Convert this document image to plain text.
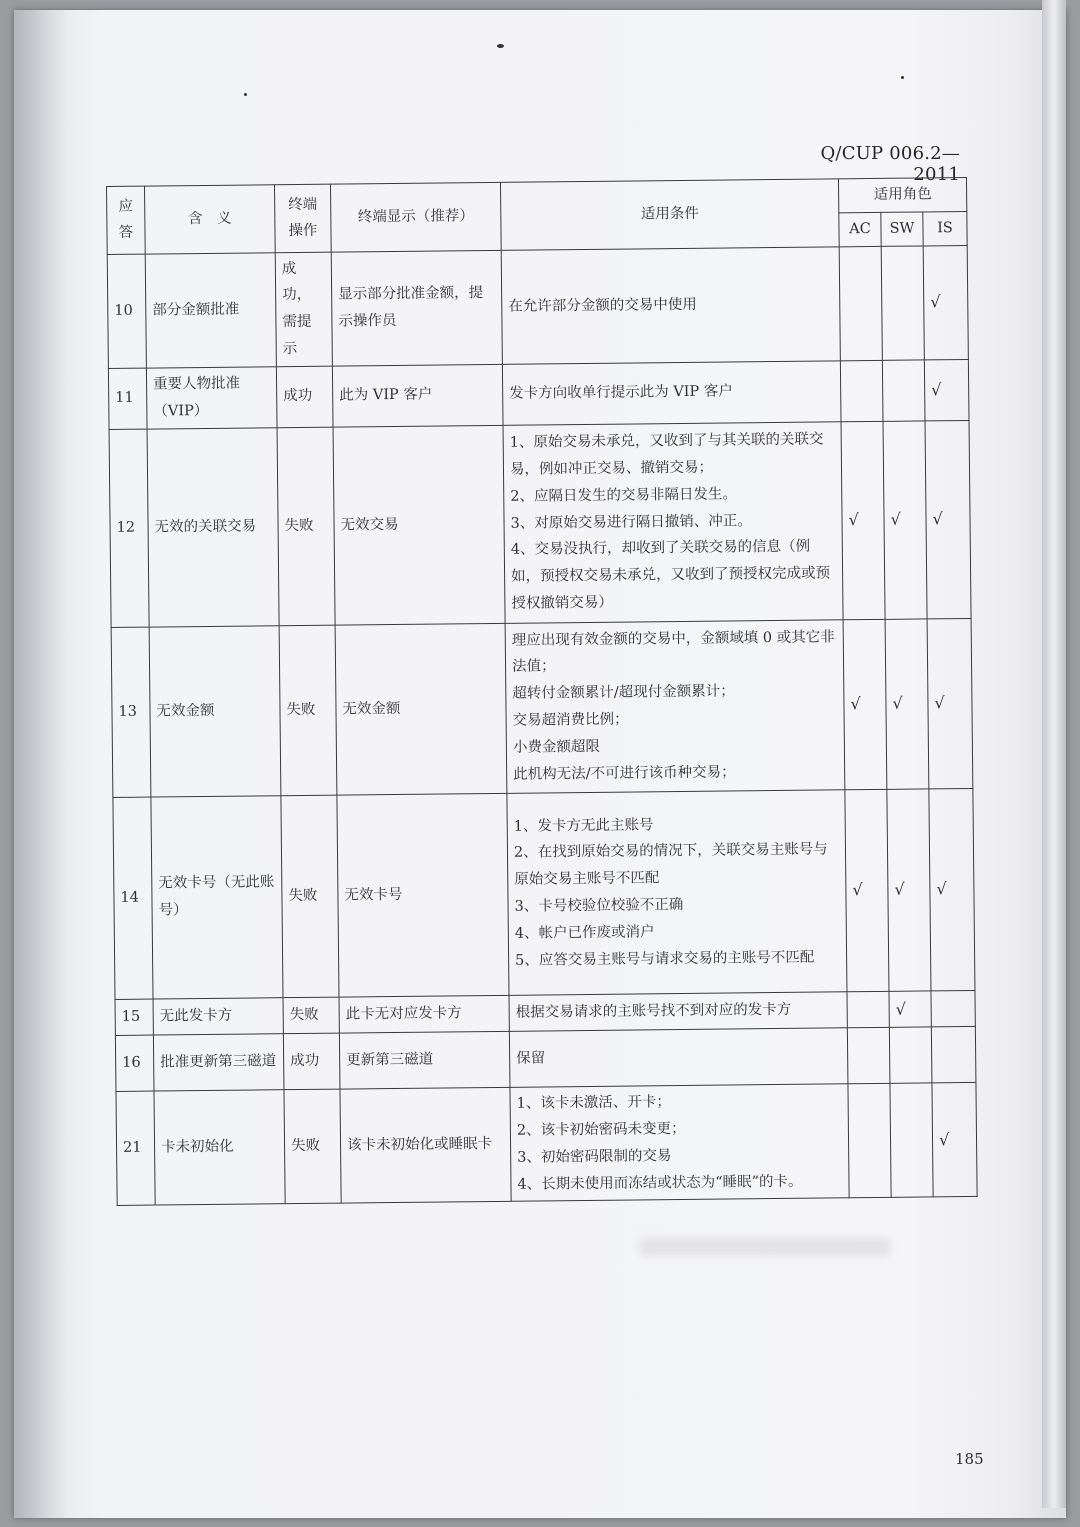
Q/CUP 006.2—2011
应答	含　义	终端操作	终端显示（推荐）	适用条件	适用角色		
					AC	SW	IS
10	部分金额批准	成功，需提示	显示部分批准金额，提示操作员	在允许部分金额的交易中使用			√
11	重要人物批准（VIP）	成功	此为 VIP 客户	发卡方向收单行提示此为 VIP 客户			√
12	无效的关联交易	失败	无效交易	1、原始交易未承兑，又收到了与其关联的关联交易，例如冲正交易、撤销交易；
2、应隔日发生的交易非隔日发生。
3、对原始交易进行隔日撤销、冲正。
4、交易没执行，却收到了关联交易的信息（例如，预授权交易未承兑，又收到了预授权完成或预授权撤销交易）	√	√	√
13	无效金额	失败	无效金额	理应出现有效金额的交易中，金额域填 0 或其它非法值；
超转付金额累计/超现付金额累计；
交易超消费比例；
小费金额超限
此机构无法/不可进行该币种交易；	√	√	√
14	无效卡号（无此账号）	失败	无效卡号	1、发卡方无此主账号
2、在找到原始交易的情况下，关联交易主账号与原始交易主账号不匹配
3、卡号校验位校验不正确
4、帐户已作废或消户
5、应答交易主账号与请求交易的主账号不匹配	√	√	√
15	无此发卡方	失败	此卡无对应发卡方	根据交易请求的主账号找不到对应的发卡方		√	
16	批准更新第三磁道	成功	更新第三磁道	保留			

21	卡未初始化	失败	该卡未初始化或睡眠卡	1、该卡未激活、开卡；
2、该卡初始密码未变更；
3、初始密码限制的交易
4、长期未使用而冻结或状态为“睡眠”的卡。			√
185
